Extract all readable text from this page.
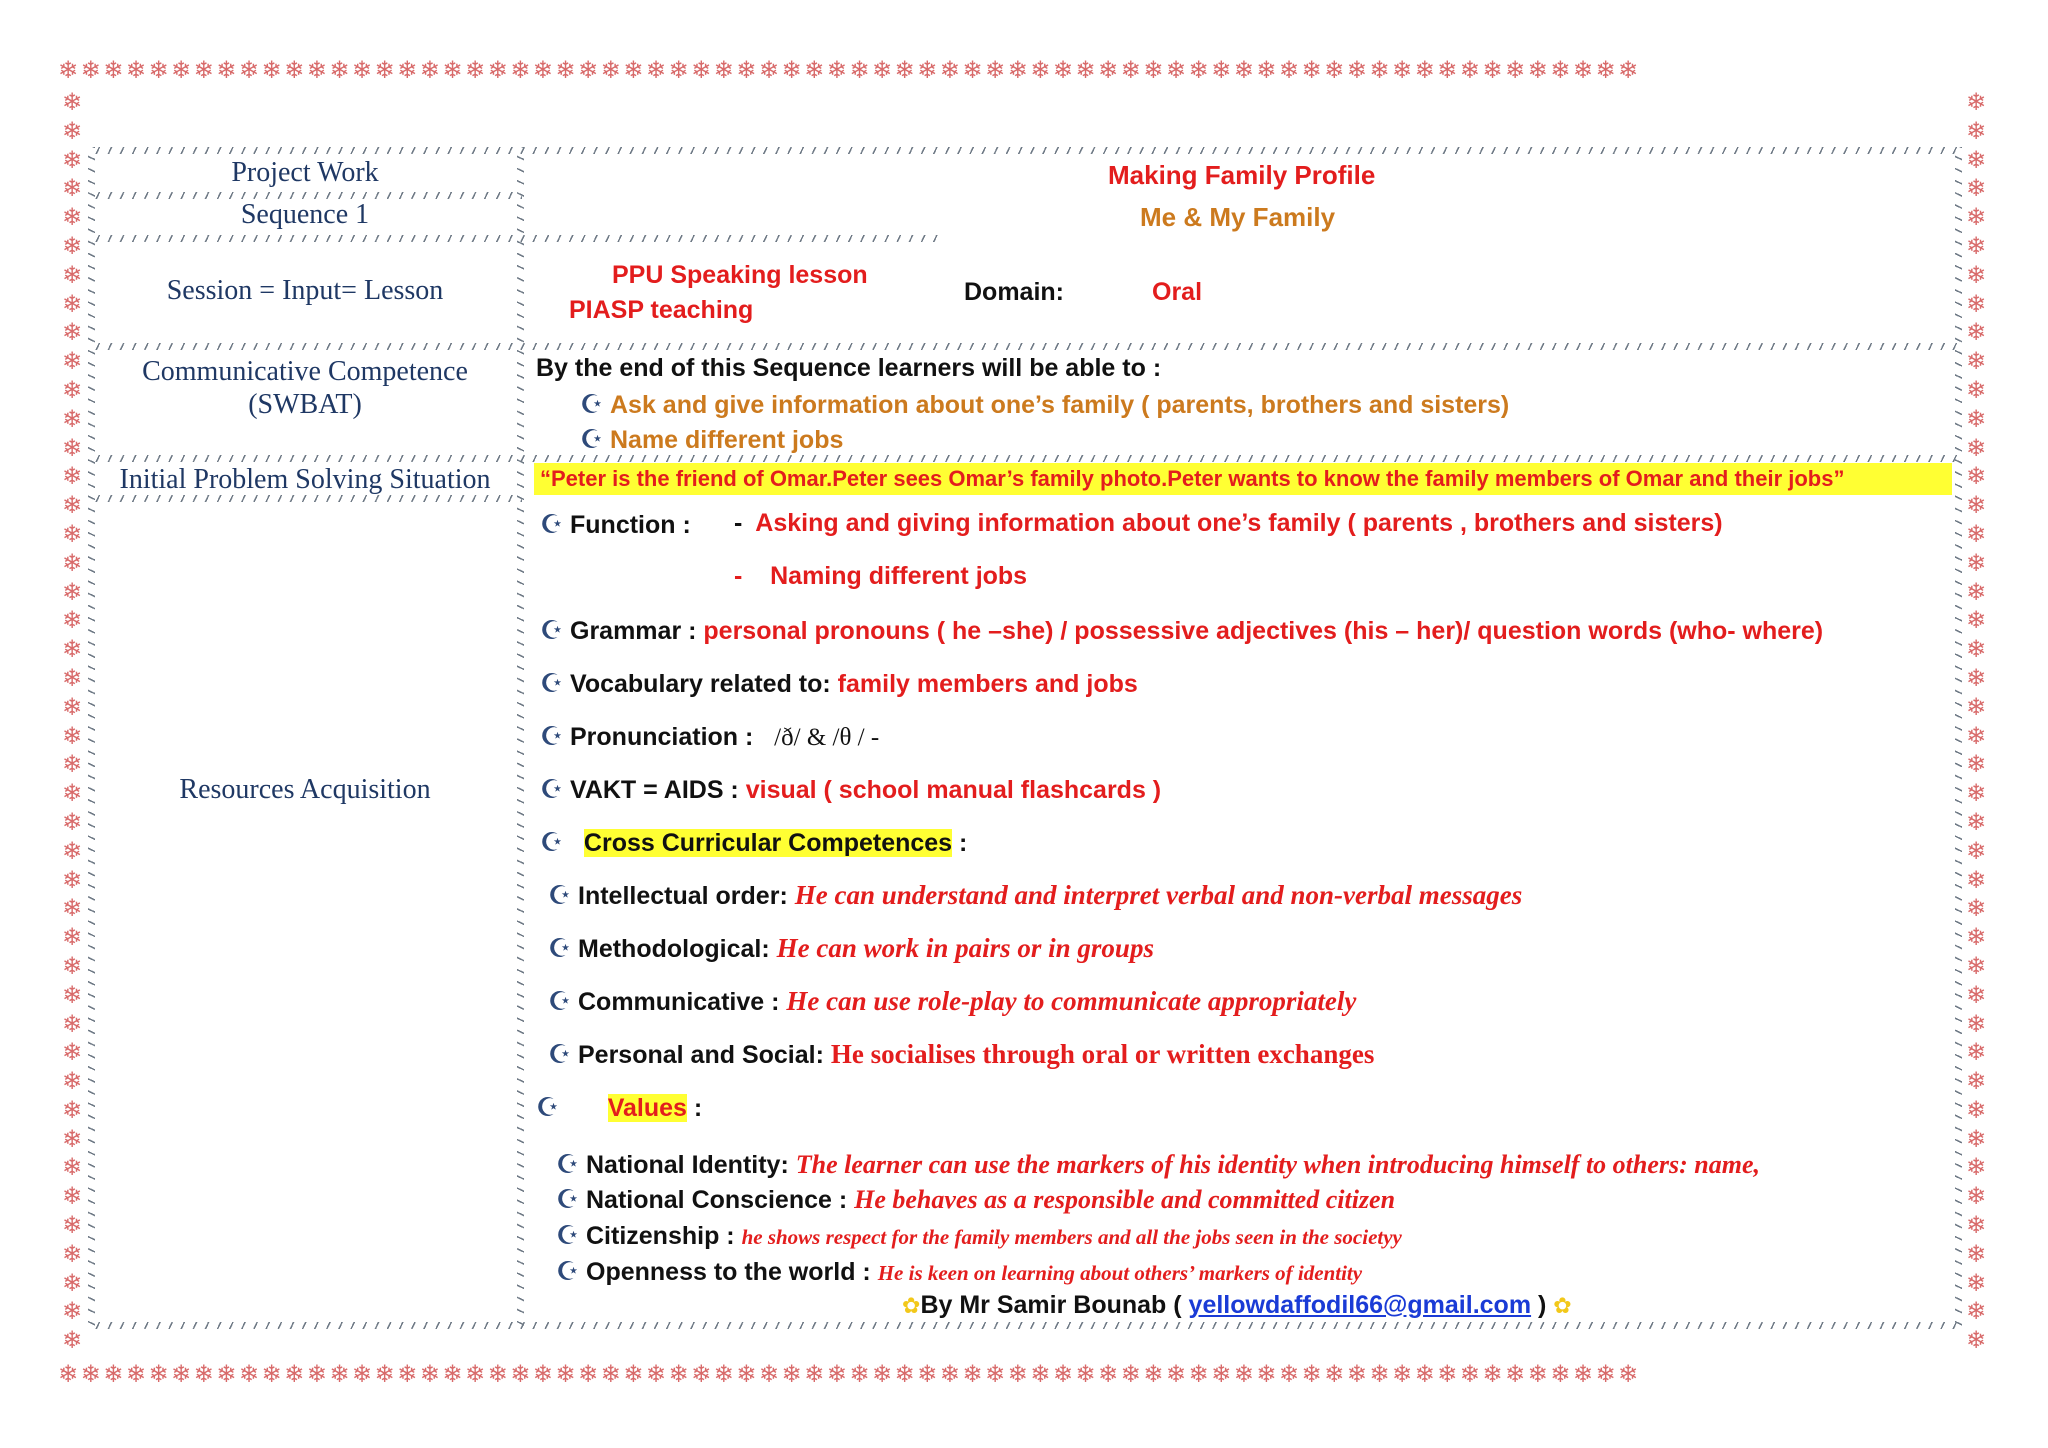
❄❄❄❄❄❄❄❄❄❄❄❄❄❄❄❄❄❄❄❄❄❄❄❄❄❄❄❄❄❄❄❄❄❄❄❄❄❄❄❄❄❄❄❄❄❄❄❄❄❄❄❄❄❄❄❄❄❄❄❄❄❄❄❄❄❄❄❄❄❄
❄❄❄❄❄❄❄❄❄❄❄❄❄❄❄❄❄❄❄❄❄❄❄❄❄❄❄❄❄❄❄❄❄❄❄❄❄❄❄❄❄❄❄❄❄❄❄❄❄❄❄❄❄❄❄❄❄❄❄❄❄❄❄❄❄❄❄❄❄❄
❄
❄
❄
❄
❄
❄
❄
❄
❄
❄
❄
❄
❄
❄
❄
❄
❄
❄
❄
❄
❄
❄
❄
❄
❄
❄
❄
❄
❄
❄
❄
❄
❄
❄
❄
❄
❄
❄
❄
❄
❄
❄
❄
❄
❄
❄
❄
❄
❄
❄
❄
❄
❄
❄
❄
❄
❄
❄
❄
❄
❄
❄
❄
❄
❄
❄
❄
❄
❄
❄
❄
❄
❄
❄
❄
❄
❄
❄
❄
❄
❄
❄
❄
❄
❄
❄
❄
❄
Project Work
Sequence 1
Session = Input= Lesson
Communicative Competence
(SWBAT)
Initial Problem Solving Situation
Resources Acquisition
Making Family Profile
Me & My Family
PPU Speaking lesson
PIASP teaching
Domain:	Oral
By the end of this Sequence learners will be able to :
☪ Ask and give information about one’s family ( parents, brothers and sisters)
☪ Name different jobs
“Peter is the friend of Omar.Peter sees Omar’s family photo.Peter wants to know the family members of Omar and their jobs”
☪ Function : - Asking and giving information about one’s family ( parents , brothers and sisters)
- Naming different jobs
☪ Grammar : personal pronouns ( he –she) / possessive adjectives (his – her)/ question words (who- where)
☪ Vocabulary related to: family members and jobs
☪ Pronunciation : /ð/ & /θ / -
☪ VAKT = AIDS : visual ( school manual flashcards )
☪ Cross Curricular Competences :
☪ Intellectual order: He can understand and interpret verbal and non-verbal messages
☪ Methodological: He can work in pairs or in groups
☪ Communicative : He can use role-play to communicate appropriately
☪ Personal and Social: He socialises through oral or written exchanges
☪ Values :
☪ National Identity: The learner can use the markers of his identity when introducing himself to others: name,
☪ National Conscience : He behaves as a responsible and committed citizen
☪ Citizenship : he shows respect for the family members and all the jobs seen in the societyy
☪ Openness to the world : He is keen on learning about others’ markers of identity
✿By Mr Samir Bounab ( yellowdaffodil66@gmail.com ) ✿
